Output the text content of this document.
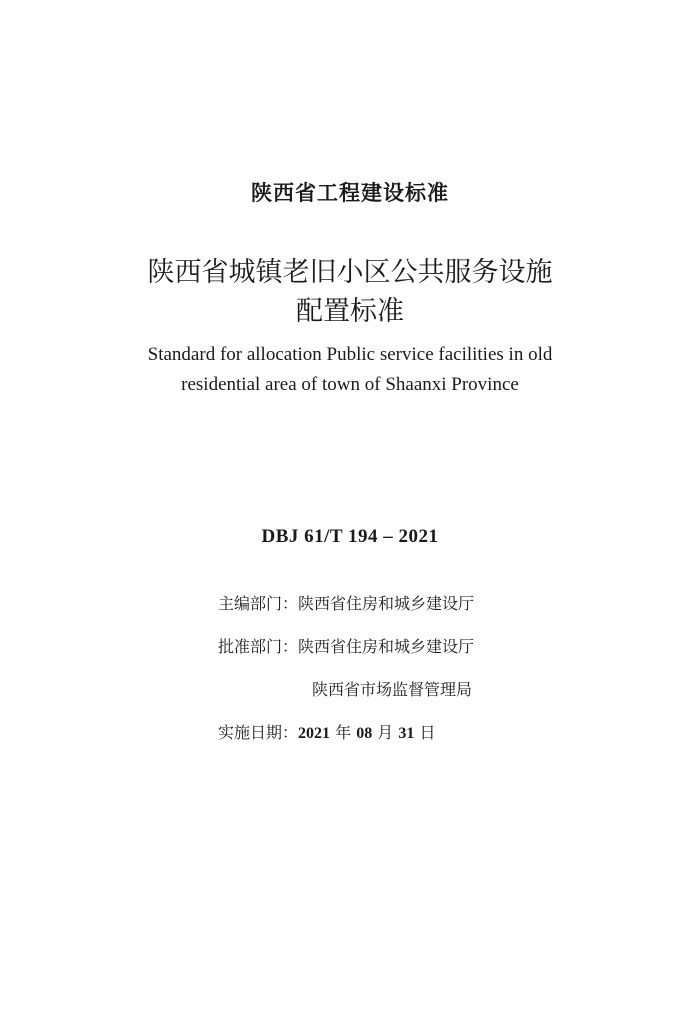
陕西省工程建设标准
陕西省城镇老旧小区公共服务设施
配置标准
Standard for allocation Public service facilities in old
residential area of town of Shaanxi Province
DBJ 61/T 194 – 2021
主编部门：陕西省住房和城乡建设厅
批准部门：陕西省住房和城乡建设厅
陕西省市场监督管理局
实施日期：2021 年 08 月 31 日
